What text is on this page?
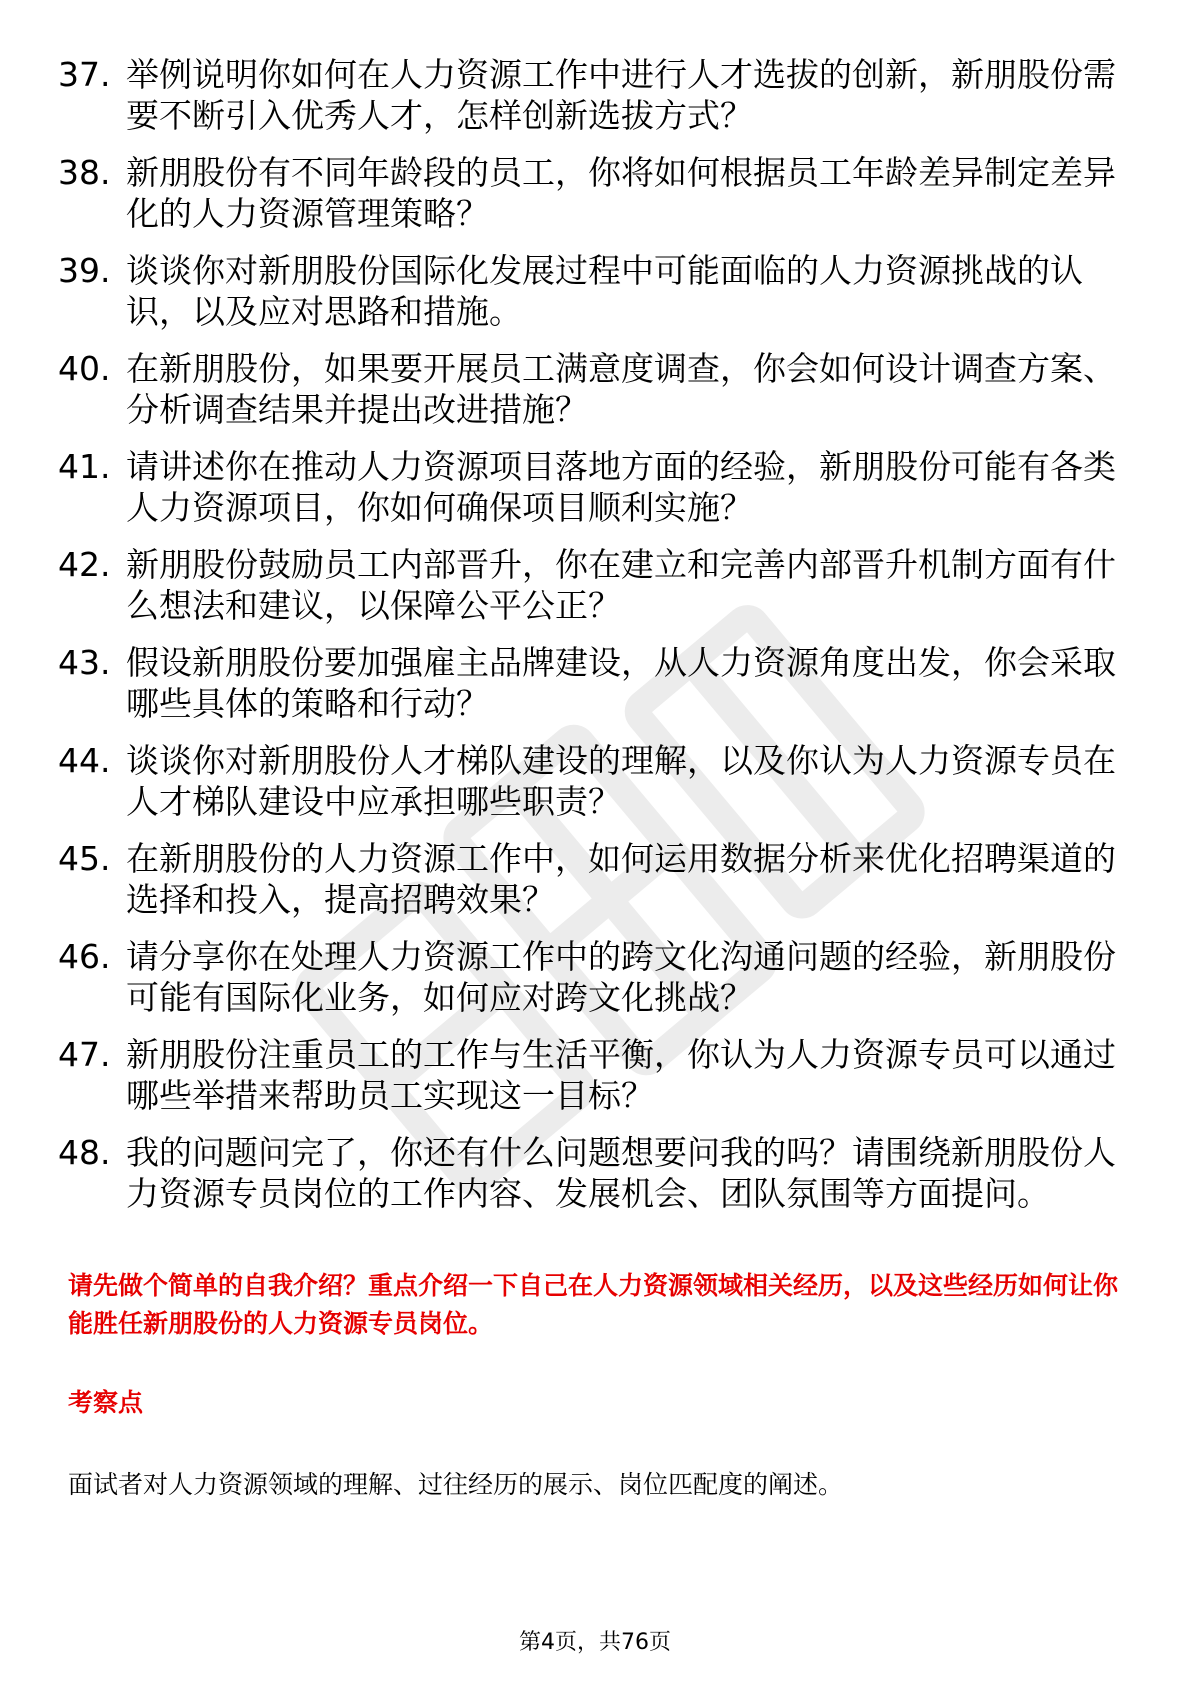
37. 举例说明你如何在人力资源工作中进行人才选拔的创新，新朋股份需要不断引入优秀人才，怎样创新选拔方式？
38. 新朋股份有不同年龄段的员工，你将如何根据员工年龄差异制定差异化的人力资源管理策略？
39. 谈谈你对新朋股份国际化发展过程中可能面临的人力资源挑战的认识，以及应对思路和措施。
40. 在新朋股份，如果要开展员工满意度调查，你会如何设计调查方案、分析调查结果并提出改进措施？
41. 请讲述你在推动人力资源项目落地方面的经验，新朋股份可能有各类人力资源项目，你如何确保项目顺利实施？
42. 新朋股份鼓励员工内部晋升，你在建立和完善内部晋升机制方面有什么想法和建议，以保障公平公正？
43. 假设新朋股份要加强雇主品牌建设，从人力资源角度出发，你会采取哪些具体的策略和行动？
44. 谈谈你对新朋股份人才梯队建设的理解，以及你认为人力资源专员在人才梯队建设中应承担哪些职责？
45. 在新朋股份的人力资源工作中，如何运用数据分析来优化招聘渠道的选择和投入，提高招聘效果？
46. 请分享你在处理人力资源工作中的跨文化沟通问题的经验，新朋股份可能有国际化业务，如何应对跨文化挑战？
47. 新朋股份注重员工的工作与生活平衡，你认为人力资源专员可以通过哪些举措来帮助员工实现这一目标？
48. 我的问题问完了，你还有什么问题想要问我的吗？请围绕新朋股份人力资源专员岗位的工作内容、发展机会、团队氛围等方面提问。

请先做个简单的自我介绍？重点介绍一下自己在人力资源领域相关经历，以及这些经历如何让你能胜任新朋股份的人力资源专员岗位。

考察点

面试者对人力资源领域的理解、过往经历的展示、岗位匹配度的阐述。

第4页，共76页
